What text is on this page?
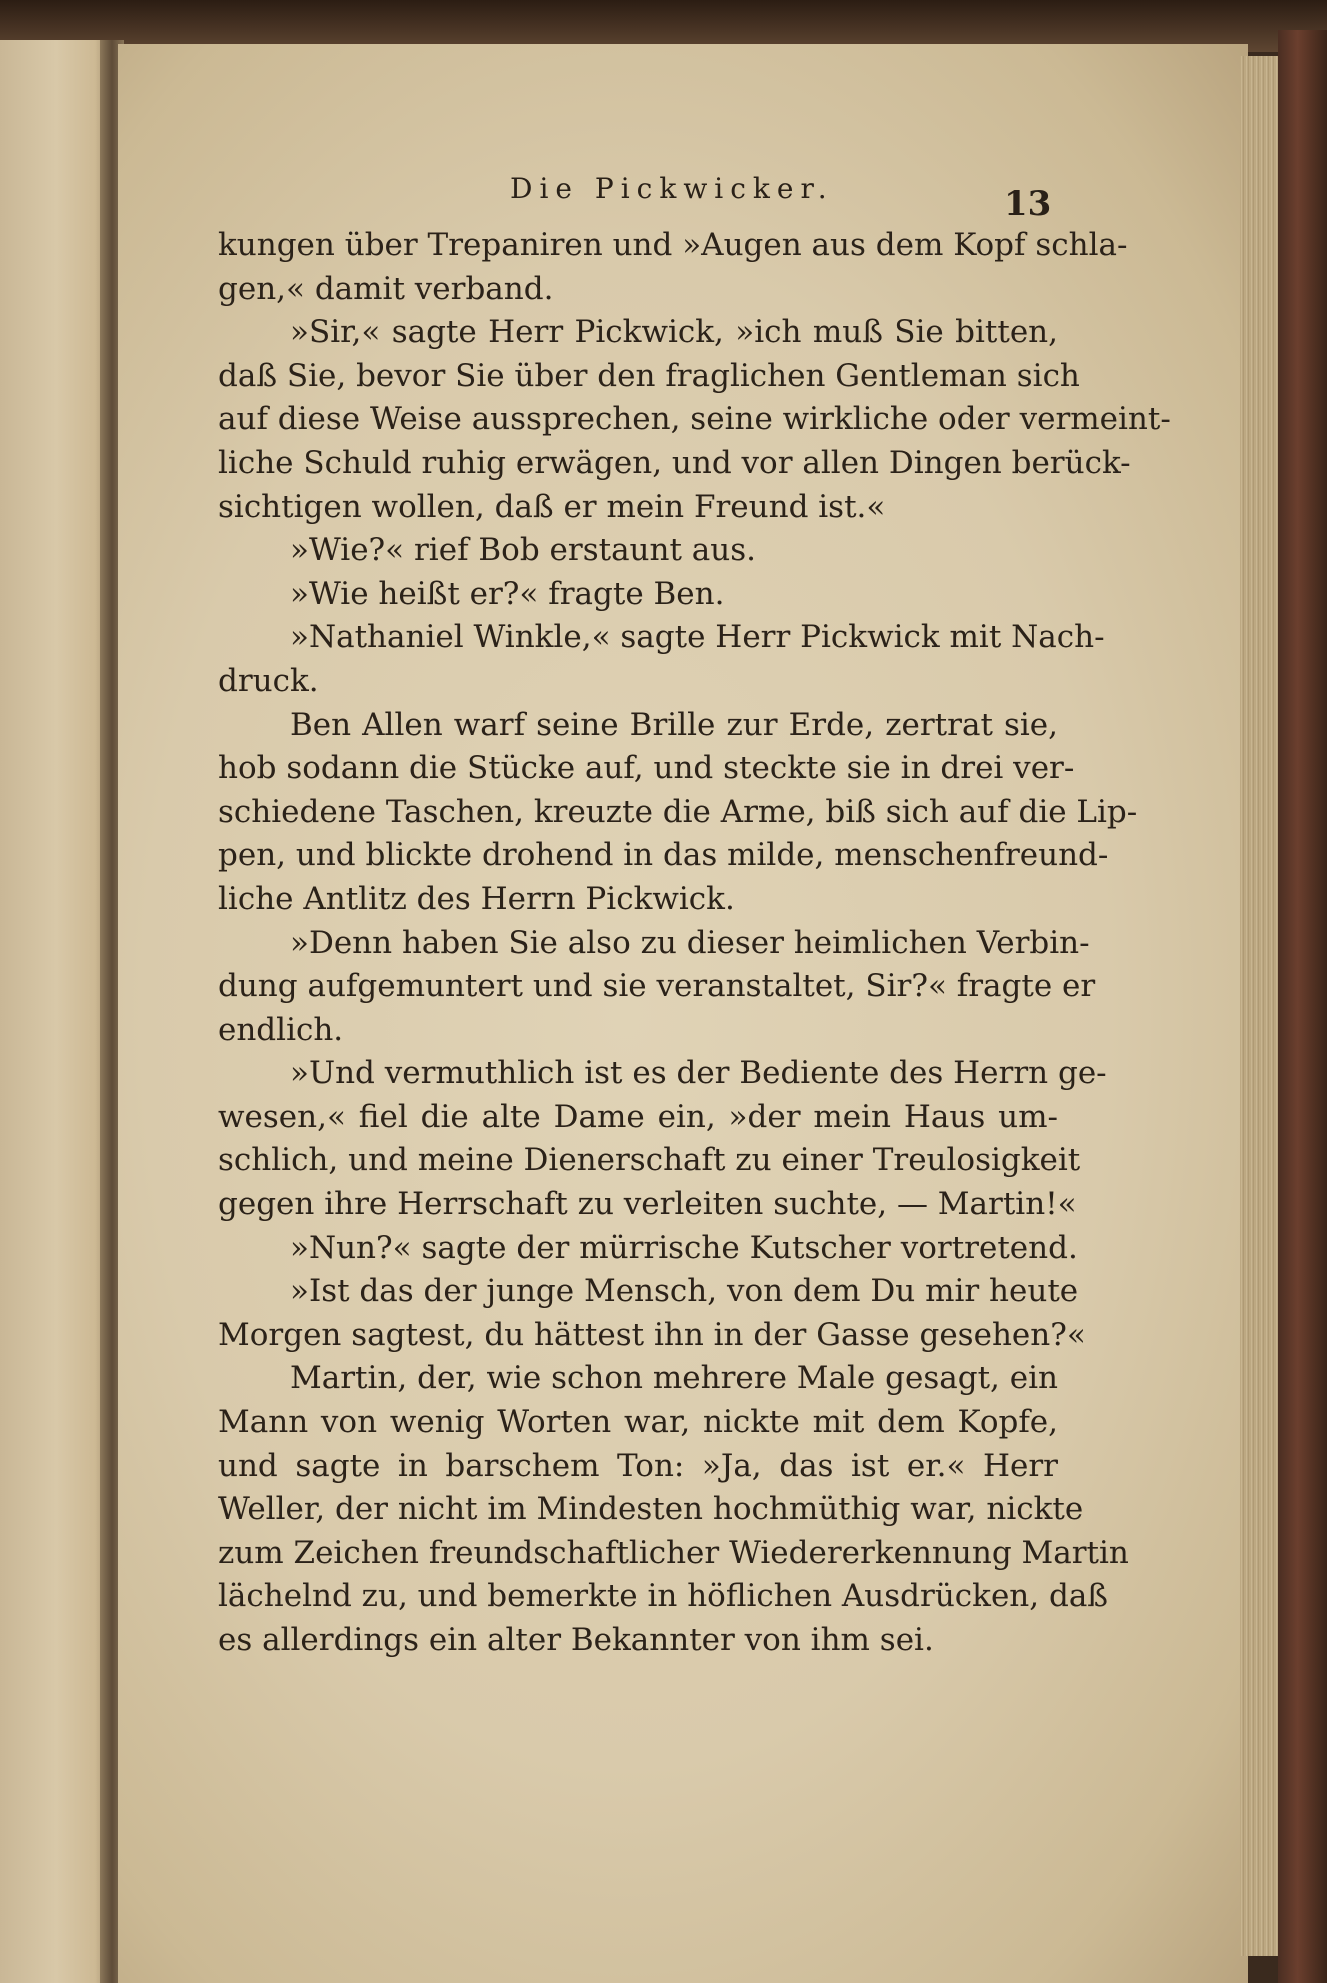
Die Pickwicker.	13
kungen über Trepaniren und »Augen aus dem Kopf schla-
gen,« damit verband.
»Sir,« sagte Herr Pickwick, »ich muß Sie bitten,
daß Sie, bevor Sie über den fraglichen Gentleman sich
auf diese Weise aussprechen, seine wirkliche oder vermeint-
liche Schuld ruhig erwägen, und vor allen Dingen berück-
sichtigen wollen, daß er mein Freund ist.«
»Wie?« rief Bob erstaunt aus.
»Wie heißt er?« fragte Ben.
»Nathaniel Winkle,« sagte Herr Pickwick mit Nach-
druck.
Ben Allen warf seine Brille zur Erde, zertrat sie,
hob sodann die Stücke auf, und steckte sie in drei ver-
schiedene Taschen, kreuzte die Arme, biß sich auf die Lip-
pen, und blickte drohend in das milde, menschenfreund-
liche Antlitz des Herrn Pickwick.
»Denn haben Sie also zu dieser heimlichen Verbin-
dung aufgemuntert und sie veranstaltet, Sir?« fragte er
endlich.
»Und vermuthlich ist es der Bediente des Herrn ge-
wesen,« fiel die alte Dame ein, »der mein Haus um-
schlich, und meine Dienerschaft zu einer Treulosigkeit
gegen ihre Herrschaft zu verleiten suchte, — Martin!«
»Nun?« sagte der mürrische Kutscher vortretend.
»Ist das der junge Mensch, von dem Du mir heute
Morgen sagtest, du hättest ihn in der Gasse gesehen?«
Martin, der, wie schon mehrere Male gesagt, ein
Mann von wenig Worten war, nickte mit dem Kopfe,
und sagte in barschem Ton: »Ja, das ist er.« Herr
Weller, der nicht im Mindesten hochmüthig war, nickte
zum Zeichen freundschaftlicher Wiedererkennung Martin
lächelnd zu, und bemerkte in höflichen Ausdrücken, daß
es allerdings ein alter Bekannter von ihm sei.
